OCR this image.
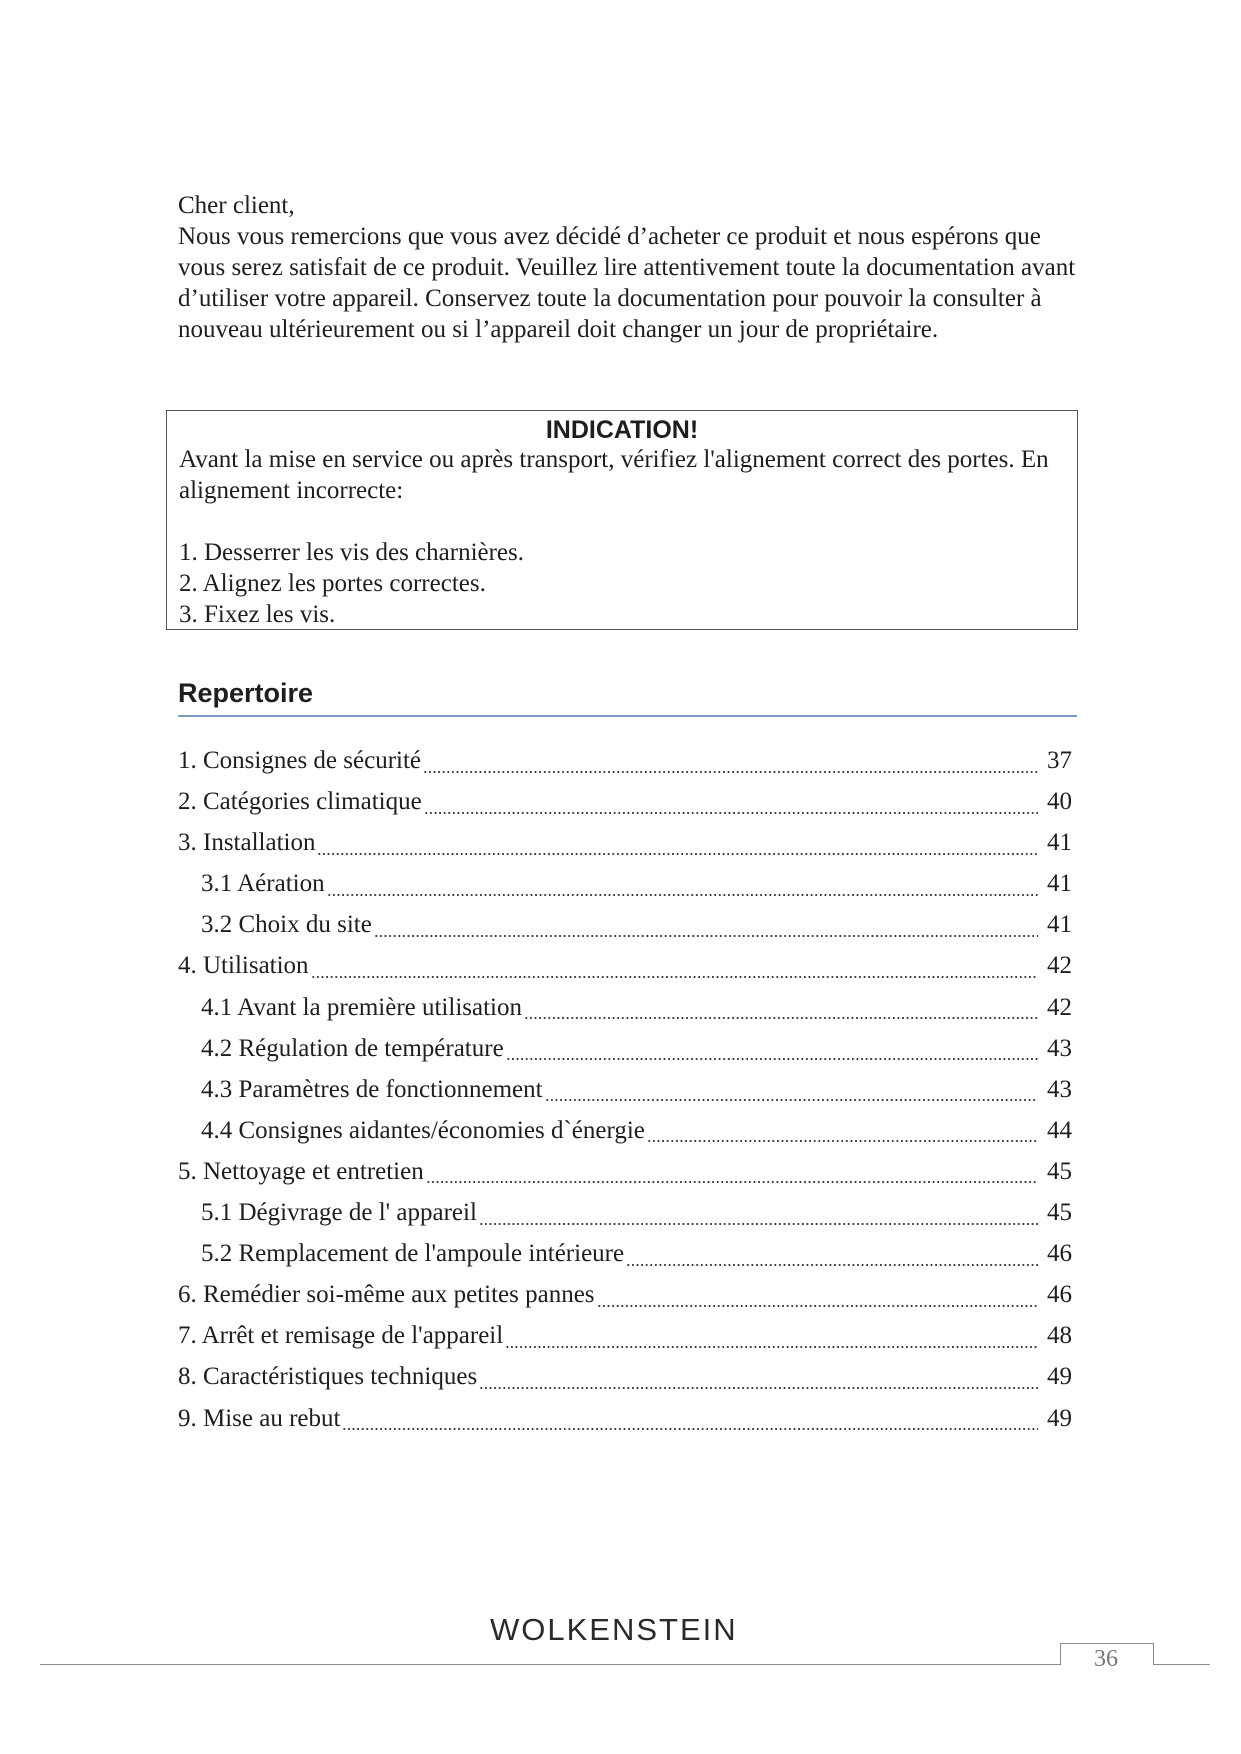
Cher client,

Nous vous remercions que vous avez décidé d’acheter ce produit et nous espérons que vous serez satisfait de ce produit. Veuillez lire attentivement toute la documentation avant d’utiliser votre appareil. Conservez toute la documentation pour pouvoir la consulter à nouveau ultérieurement ou si l’appareil doit changer un jour de propriétaire.

INDICATION!
Avant la mise en service ou après transport, vérifiez l'alignement correct des portes. En alignement incorrecte:
1. Desserrer les vis des charnières.
2. Alignez les portes correctes.
3. Fixez les vis.
Repertoire
1. Consignes de sécurité	37
2. Catégories climatique	40
3. Installation	41
3.1 Aération	41
3.2 Choix du site	41
4. Utilisation	42
4.1 Avant la première utilisation	42
4.2 Régulation de température	43
4.3 Paramètres de fonctionnement	43
4.4 Consignes aidantes/économies d`énergie	44
5. Nettoyage et entretien	45
5.1 Dégivrage de l' appareil	45
5.2 Remplacement de l'ampoule intérieure	46
6. Remédier soi-même aux petites pannes	46
7. Arrêt et remisage de l'appareil	48
8. Caractéristiques techniques	49
9. Mise au rebut	49
WOLKENSTEIN
36
